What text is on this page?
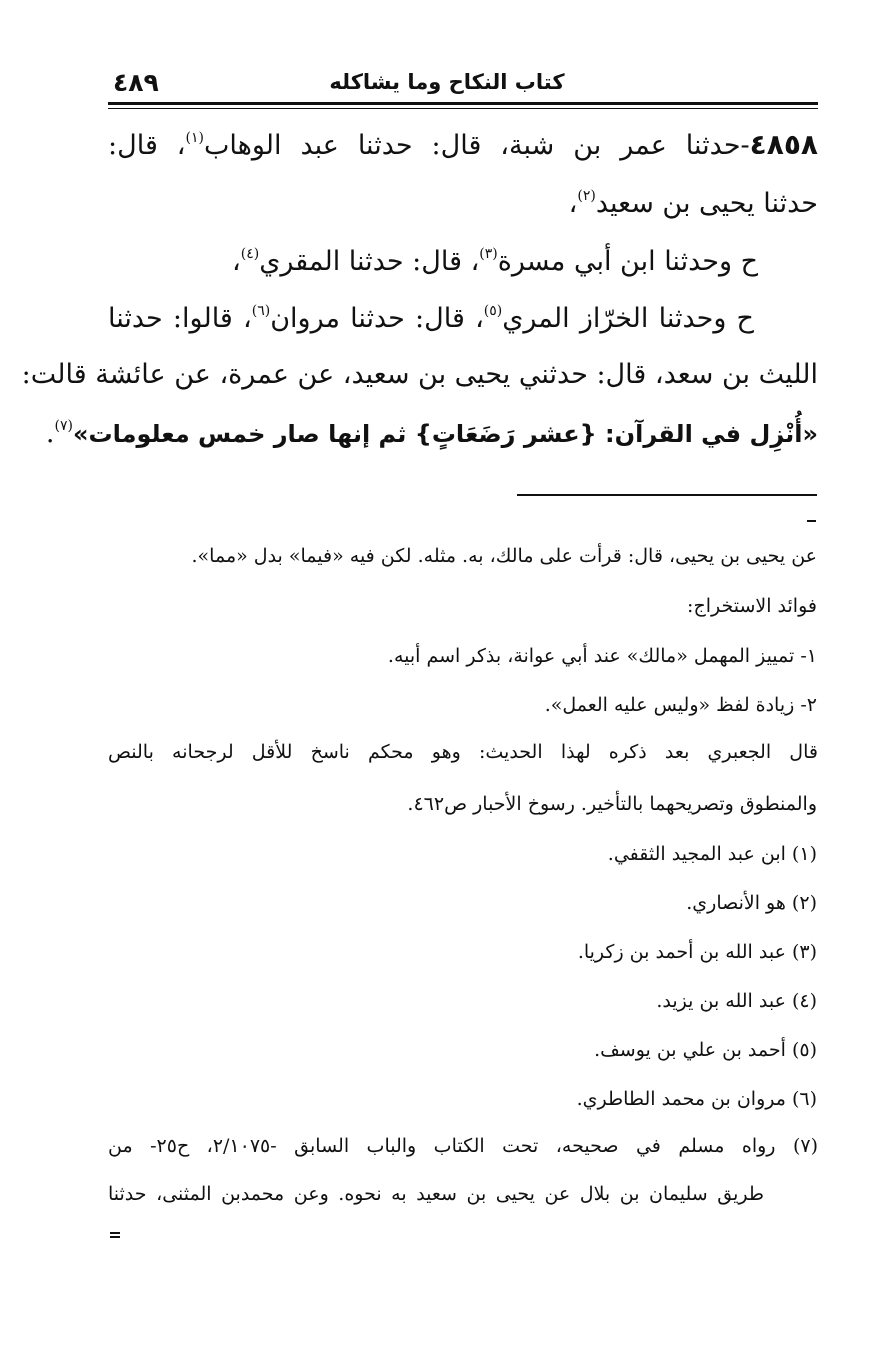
كتاب النكاح وما يشاكله
٤٨٩
٤٨٥٨-حدثنا عمر بن شبة، قال: حدثنا عبد الوهاب$^{(١)}$، قال:
حدثنا يحيى بن سعيد$^{(٢)}$،
ح وحدثنا ابن أبي مسرة$^{(٣)}$، قال: حدثنا المقري$^{(٤)}$،
ح وحدثنا الخرّاز المري$^{(٥)}$، قال: حدثنا مروان$^{(٦)}$، قالوا: حدثنا
الليث بن سعد، قال: حدثني يحيى بن سعيد، عن عمرة، عن عائشة قالت:
«أُنْزِل في القرآن: {عشر رَضَعَاتٍ} ثم إنها صار خمس معلومات»$^{(٧)}$.
عن يحيى بن يحيى، قال: قرأت على مالك، به. مثله. لكن فيه «فيما» بدل «مما».
فوائد الاستخراج:
١- تمييز المهمل «مالك» عند أبي عوانة، بذكر اسم أبيه.
٢- زيادة لفظ «وليس عليه العمل».
قال الجعبري بعد ذكره لهذا الحديث: وهو محكم ناسخ للأقل لرجحانه بالنص
والمنطوق وتصريحهما بالتأخير. رسوخ الأحبار ص٤٦٢.
(١) ابن عبد المجيد الثقفي.
(٢) هو الأنصاري.
(٣) عبد الله بن أحمد بن زكريا.
(٤) عبد الله بن يزيد.
(٥) أحمد بن علي بن يوسف.
(٦) مروان بن محمد الطاطري.
(٧) رواه مسلم في صحيحه، تحت الكتاب والباب السابق -٢/١٠٧٥، ح٢٥- من
طريق سليمان بن بلال عن يحيى بن سعيد به نحوه. وعن محمدبن المثنى، حدثنا
